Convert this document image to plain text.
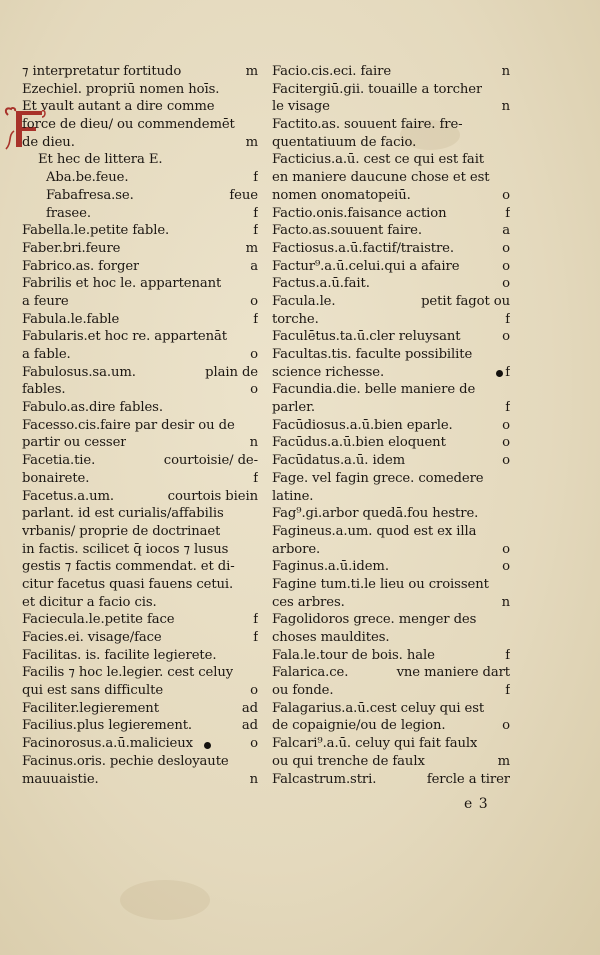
⁊ interpretatur fortitudo	m
Ezechiel. propriū nomen hoīs.
Et vault autant a dire comme
force de dieu/ ou commendemēt
de dieu.	m
Et hec de littera E.
Aba.be.feue.	f
Fabafresa.se.	feue
frasee.	f
Fabella.le.petite fable.	f
Faber.bri.feure	m
Fabrico.as. forger	a
Fabrilis et hoc le. appartenant
a feure	o
Fabula.le.fable	f
Fabularis.et hoc re. appartenāt
a fable.	o
Fabulosus.sa.um.	plain de
fables.	o
Fabulo.as.dire fables.
Facesso.cis.faire par desir ou de
partir ou cesser	n
Facetia.tie.	courtoisie/ de-
bonairete.	f
Facetus.a.um.	courtois biein
parlant. id est curialis/affabilis
vrbanis/ proprie de doctrinaet
in factis. scilicet q̄ iocos ⁊ lusus
gestis ⁊ factis commendat. et di-
citur facetus quasi fauens cetui.
et dicitur a facio cis.
Faciecula.le.petite face	f
Facies.ei. visage/face	f
Facilitas. is. facilite legierete.
Facilis ⁊ hoc le.legier. cest celuy
qui est sans difficulte	o
Faciliter.legierement	ad
Facilius.plus legierement.	ad
Facinorosus.a.ū.malicieux	o
Facinus.oris. pechie desloyaute
mauuaistie.	n
Facio.cis.eci. faire	n
Facitergiū.gii. touaille a torcher
le visage	n
Factito.as. souuent faire. fre-
quentatiuum de facio.
Facticius.a.ū. cest ce qui est fait
en maniere daucune chose et est
nomen onomatopeiū.	o
Factio.onis.faisance action	f
Facto.as.souuent faire.	a
Factiosus.a.ū.factif/traistre.	o
Factur⁹.a.ū.celui.qui a afaire	o
Factus.a.ū.fait.	o
Facula.le.	petit fagot ou
torche.	f
Faculētus.ta.ū.cler reluysant	o
Facultas.tis. faculte possibilite
science richesse.	f
Facundia.die. belle maniere de
parler.	f
Facūdiosus.a.ū.bien eparle.	o
Facūdus.a.ū.bien eloquent	o
Facūdatus.a.ū. idem	o
Fage. vel fagin grece. comedere
latine.
Fag⁹.gi.arbor quedā.fou hestre.
Fagineus.a.um. quod est ex illa
arbore.	o
Faginus.a.ū.idem.	o
Fagine tum.ti.le lieu ou croissent
ces arbres.	n
Fagolidoros grece. menger des
choses mauldites.
Fala.le.tour de bois. hale	f
Falarica.ce.	vne maniere dart
ou fonde.	f
Falagarius.a.ū.cest celuy qui est
de copaignie/ou de legion.	o
Falcari⁹.a.ū. celuy qui fait faulx
ou qui trenche de faulx	m
Falcastrum.stri.	fercle a tirer
e 3
